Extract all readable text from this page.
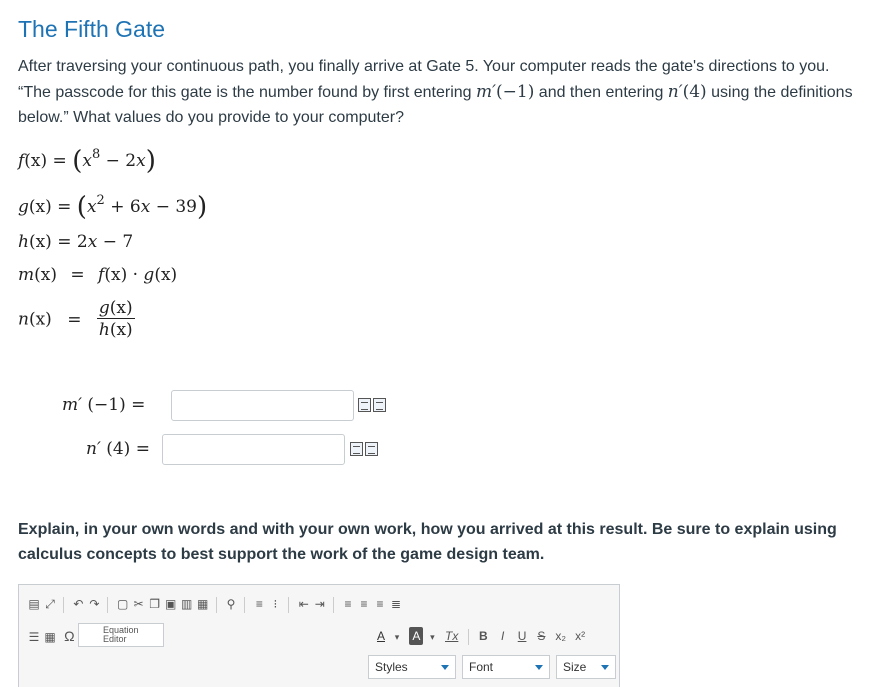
The Fifth Gate
After traversing your continuous path, you finally arrive at Gate 5. Your computer reads the gate's directions to you. “The passcode for this gate is the number found by first entering m′(−1) and then entering n′(4) using the definitions below.” What values do you provide to your computer?
$f(x) = (x^8 - 2x)$
$g(x) = (x^2 + 6x - 39)$
h(x) = 2x − 7
m(x) = f(x) · g(x)
$n(x) = \frac{g(x)}{h(x)}$
m′ (−1) =
n′ (4) =
Explain, in your own words and with your own work, how you arrived at this result. Be sure to explain using calculus concepts to best support the work of the game design team.
▤ ⤢ ↶ ↷ ▢ ✂ ❐ ▣ ▥ ▦ ⚲ ≡ ⁝ ⇤ ⇥ ≡ ≡ ≡ ≣
☰ ▦ Ω	Equation
Editor	A ▾ A ▾ Tx B I U S x₂ x²
Styles	Font	Size
